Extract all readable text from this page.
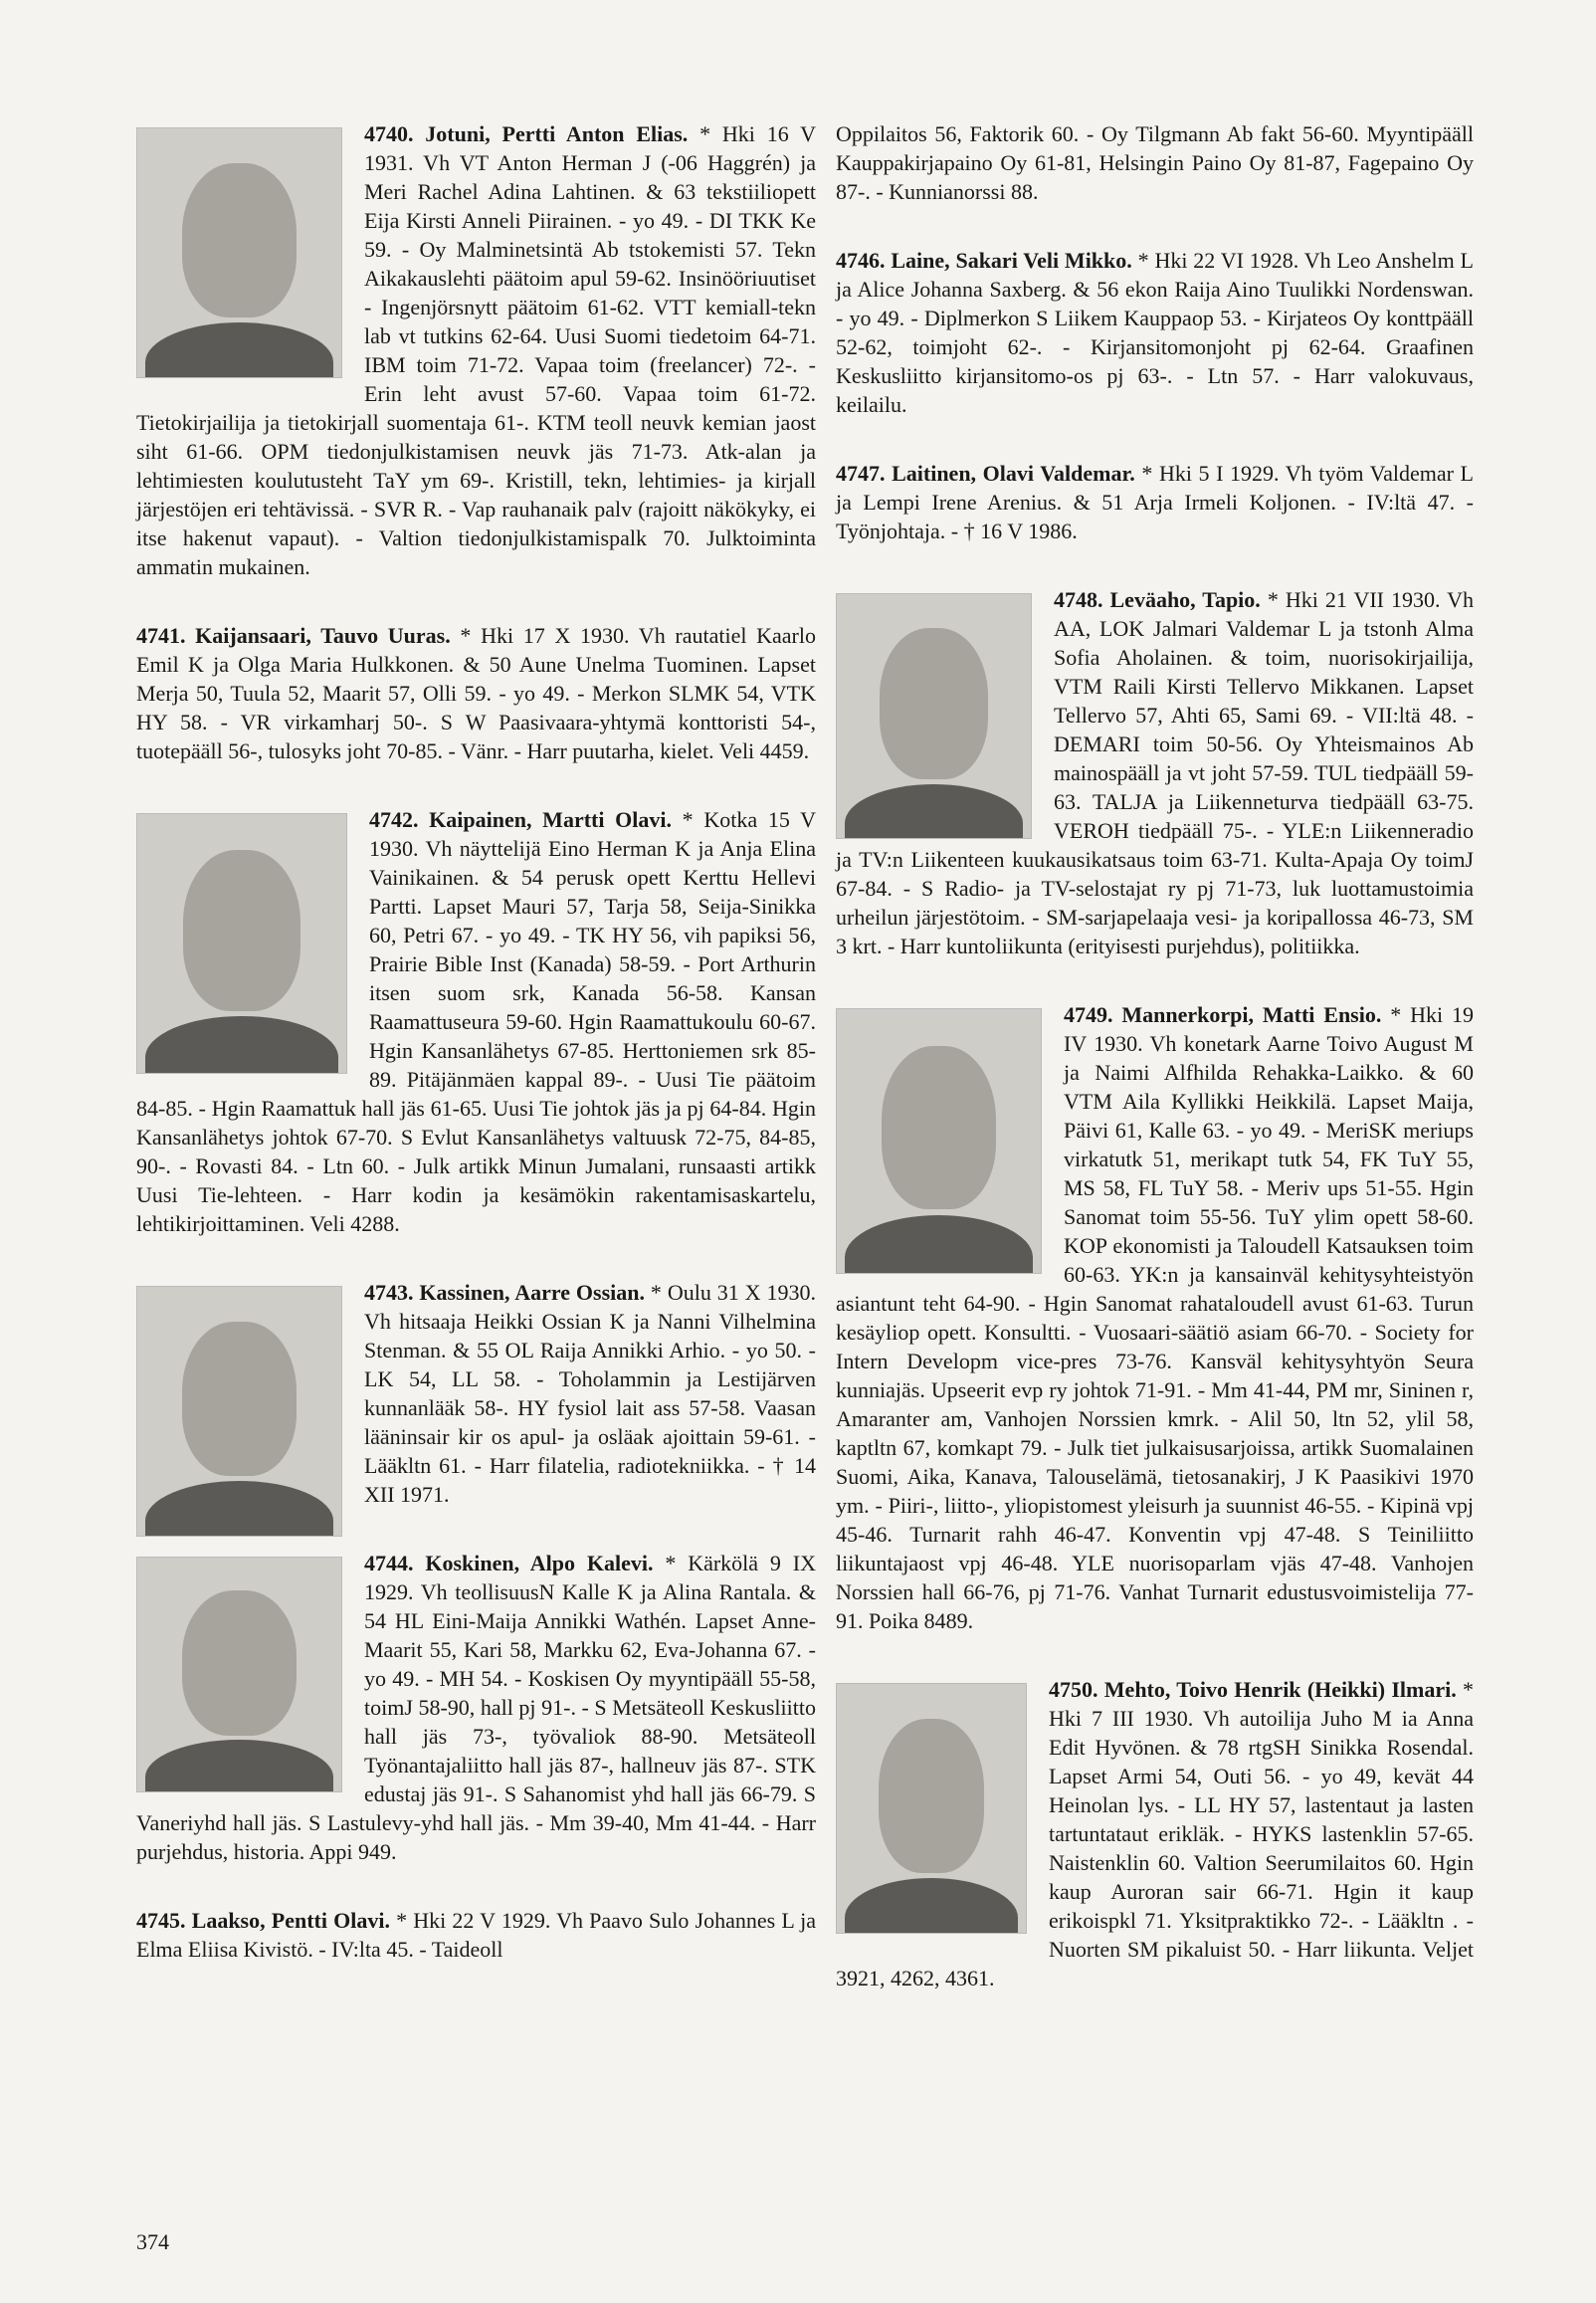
4740. Jotuni, Pertti Anton Elias. * Hki 16 V 1931. Vh VT Anton Herman J (-06 Haggrén) ja Meri Rachel Adina Lahtinen. & 63 tekstiiliopett Eija Kirsti Anneli Piirainen. - yo 49. - DI TKK Ke 59. - Oy Malminetsintä Ab tstokemisti 57. Tekn Aikakauslehti päätoim apul 59-62. Insinööriuutiset - Ingenjörsnytt päätoim 61-62. VTT kemiall-tekn lab vt tutkins 62-64. Uusi Suomi tiedetoim 64-71. IBM toim 71-72. Vapaa toim (freelancer) 72-. - Erin leht avust 57-60. Vapaa toim 61-72. Tietokirjailija ja tietokirjall suomentaja 61-. KTM teoll neuvk kemian jaost siht 61-66. OPM tiedonjulkistamisen neuvk jäs 71-73. Atk-alan ja lehtimiesten koulutusteht TaY ym 69-. Kristill, tekn, lehtimies- ja kirjall järjestöjen eri tehtävissä. - SVR R. - Vap rauhanaik palv (rajoitt näkökyky, ei itse hakenut vapaut). - Valtion tiedonjulkistamispalk 70. Julktoiminta ammatin mukainen.
4741. Kaijansaari, Tauvo Uuras. * Hki 17 X 1930. Vh rautatiel Kaarlo Emil K ja Olga Maria Hulkkonen. & 50 Aune Unelma Tuominen. Lapset Merja 50, Tuula 52, Maarit 57, Olli 59. - yo 49. - Merkon SLMK 54, VTK HY 58. - VR virkamharj 50-. S W Paasivaara-yhtymä konttoristi 54-, tuotepääll 56-, tulosyks joht 70-85. - Vänr. - Harr puutarha, kielet. Veli 4459.
4742. Kaipainen, Martti Olavi. * Kotka 15 V 1930. Vh näyttelijä Eino Herman K ja Anja Elina Vainikainen. & 54 perusk opett Kerttu Hellevi Partti. Lapset Mauri 57, Tarja 58, Seija-Sinikka 60, Petri 67. - yo 49. - TK HY 56, vih papiksi 56, Prairie Bible Inst (Kanada) 58-59. - Port Arthurin itsen suom srk, Kanada 56-58. Kansan Raamattuseura 59-60. Hgin Raamattukoulu 60-67. Hgin Kansanlähetys 67-85. Herttoniemen srk 85-89. Pitäjänmäen kappal 89-. - Uusi Tie päätoim 84-85. - Hgin Raamattuk hall jäs 61-65. Uusi Tie johtok jäs ja pj 64-84. Hgin Kansanlähetys johtok 67-70. S Evlut Kansanlähetys valtuusk 72-75, 84-85, 90-. - Rovasti 84. - Ltn 60. - Julk artikk Minun Jumalani, runsaasti artikk Uusi Tie-lehteen. - Harr kodin ja kesämökin rakentamisaskartelu, lehtikirjoittaminen. Veli 4288.
4743. Kassinen, Aarre Ossian. * Oulu 31 X 1930. Vh hitsaaja Heikki Ossian K ja Nanni Vilhelmina Stenman. & 55 OL Raija Annikki Arhio. - yo 50. - LK 54, LL 58. - Toholammin ja Lestijärven kunnanlääk 58-. HY fysiol lait ass 57-58. Vaasan lääninsair kir os apul- ja osläak ajoittain 59-61. -Lääkltn 61. - Harr filatelia, radiotekniikka. - † 14 XII 1971.
4744. Koskinen, Alpo Kalevi. * Kärkölä 9 IX 1929. Vh teollisuusN Kalle K ja Alina Rantala. & 54 HL Eini-Maija Annikki Wathén. Lapset Anne-Maarit 55, Kari 58, Markku 62, Eva-Johanna 67. - yo 49. - MH 54. - Koskisen Oy myyntipääll 55-58, toimJ 58-90, hall pj 91-. - S Metsäteoll Keskusliitto hall jäs 73-, työvaliok 88-90. Metsäteoll Työnantajaliitto hall jäs 87-, hallneuv jäs 87-. STK edustaj jäs 91-. S Sahanomist yhd hall jäs 66-79. S Vaneriyhd hall jäs. S Lastulevy-yhd hall jäs. - Mm 39-40, Mm 41-44. - Harr purjehdus, historia. Appi 949.
4745. Laakso, Pentti Olavi. * Hki 22 V 1929. Vh Paavo Sulo Johannes L ja Elma Eliisa Kivistö. - IV:lta 45. - Taideoll
Oppilaitos 56, Faktorik 60. - Oy Tilgmann Ab fakt 56-60. Myyntipääll Kauppakirjapaino Oy 61-81, Helsingin Paino Oy 81-87, Fagepaino Oy 87-. - Kunnianorssi 88.
4746. Laine, Sakari Veli Mikko. * Hki 22 VI 1928. Vh Leo Anshelm L ja Alice Johanna Saxberg. & 56 ekon Raija Aino Tuulikki Nordenswan. - yo 49. - Diplmerkon S Liikem Kauppaop 53. - Kirjateos Oy konttpääll 52-62, toimjoht 62-. - Kirjansitomonjoht pj 62-64. Graafinen Keskusliitto kirjansitomo-os pj 63-. - Ltn 57. - Harr valokuvaus, keilailu.
4747. Laitinen, Olavi Valdemar. * Hki 5 I 1929. Vh työm Valdemar L ja Lempi Irene Arenius. & 51 Arja Irmeli Koljonen. - IV:ltä 47. - Työnjohtaja. - † 16 V 1986.
4748. Leväaho, Tapio. * Hki 21 VII 1930. Vh AA, LOK Jalmari Valdemar L ja tstonh Alma Sofia Aholainen. & toim, nuorisokirjailija, VTM Raili Kirsti Tellervo Mikkanen. Lapset Tellervo 57, Ahti 65, Sami 69. - VII:ltä 48. - DEMARI toim 50-56. Oy Yhteismainos Ab mainospääll ja vt joht 57-59. TUL tiedpääll 59-63. TALJA ja Liikenneturva tiedpääll 63-75. VEROH tiedpääll 75-. - YLE:n Liikenneradio ja TV:n Liikenteen kuukausikatsaus toim 63-71. Kulta-Apaja Oy toimJ 67-84. - S Radio- ja TV-selostajat ry pj 71-73, luk luottamustoimia urheilun järjestötoim. - SM-sarjapelaaja vesi- ja koripallossa 46-73, SM 3 krt. - Harr kuntoliikunta (erityisesti purjehdus), politiikka.
4749. Mannerkorpi, Matti Ensio. * Hki 19 IV 1930. Vh konetark Aarne Toivo August M ja Naimi Alfhilda Rehakka-Laikko. & 60 VTM Aila Kyllikki Heikkilä. Lapset Maija, Päivi 61, Kalle 63. - yo 49. - MeriSK meriups virkatutk 51, merikapt tutk 54, FK TuY 55, MS 58, FL TuY 58. - Meriv ups 51-55. Hgin Sanomat toim 55-56. TuY ylim opett 58-60. KOP ekonomisti ja Taloudell Katsauksen toim 60-63. YK:n ja kansainväl kehitysyhteistyön asiantunt teht 64-90. - Hgin Sanomat rahataloudell avust 61-63. Turun kesäyliop opett. Konsultti. - Vuosaari-säätiö asiam 66-70. - Society for Intern Developm vice-pres 73-76. Kansväl kehitysyhtyön Seura kunniajäs. Upseerit evp ry johtok 71-91. - Mm 41-44, PM mr, Sininen r, Amaranter am, Vanhojen Norssien kmrk. - Alil 50, ltn 52, ylil 58, kaptltn 67, komkapt 79. - Julk tiet julkaisusarjoissa, artikk Suomalainen Suomi, Aika, Kanava, Talouselämä, tietosanakirj, J K Paasikivi 1970 ym. - Piiri-, liitto-, yliopistomest yleisurh ja suunnist 46-55. - Kipinä vpj 45-46. Turnarit rahh 46-47. Konventin vpj 47-48. S Teiniliitto liikuntajaost vpj 46-48. YLE nuorisoparlam vjäs 47-48. Vanhojen Norssien hall 66-76, pj 71-76. Vanhat Turnarit edustusvoimistelija 77-91. Poika 8489.
4750. Mehto, Toivo Henrik (Heikki) Ilmari. * Hki 7 III 1930. Vh autoilija Juho M ia Anna Edit Hyvönen. & 78 rtgSH Sinikka Rosendal. Lapset Armi 54, Outi 56. - yo 49, kevät 44 Heinolan lys. - LL HY 57, lastentaut ja lasten tartuntataut erikläk. - HYKS lastenklin 57-65. Naistenklin 60. Valtion Seerumilaitos 60. Hgin kaup Auroran sair 66-71. Hgin it kaup erikoispkl 71. Yksitpraktikko 72-. - Lääkltn . - Nuorten SM pikaluist 50. - Harr liikunta. Veljet 3921, 4262, 4361.
374
